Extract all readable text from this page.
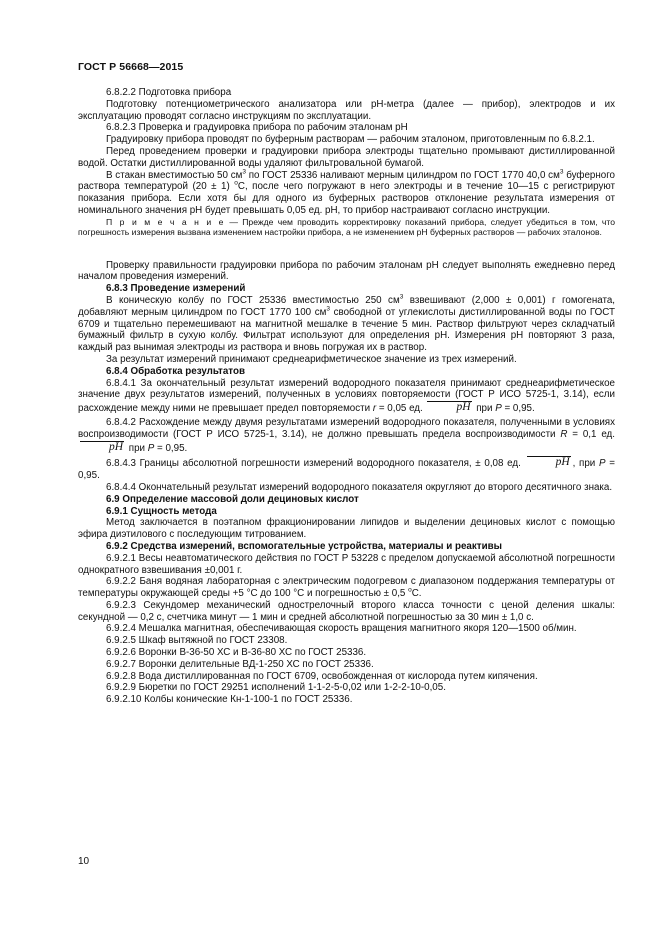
ГОСТ Р 56668—2015

6.8.2.2 Подготовка прибора

Подготовку потенциометрического анализатора или рН-метра (далее — прибор), электродов и их эксплуатацию проводят согласно инструкциям по эксплуатации.

6.8.2.3 Проверка и градуировка прибора по рабочим эталонам рН

Градуировку прибора проводят по буферным растворам — рабочим эталоном, приготовленным по 6.8.2.1.

Перед проведением проверки и градуировки прибора электроды тщательно промывают дистиллированной водой. Остатки дистиллированной воды удаляют фильтровальной бумагой.

В стакан вместимостью 50 $см^3$ по ГОСТ 25336 наливают мерным цилиндром по ГОСТ 1770 40,0 $см^3$ буферного раствора температурой (20 ± 1) $^о$С, после чего погружают в него электроды и в течение 10—15 с регистрируют показания прибора. Если хотя бы для одного из буферных растворов отклонение результата измерения от номинального значения рН будет превышать 0,05 ед. рН, то прибор настраивают согласно инструкции.

П р и м е ч а н и е — Прежде чем проводить корректировку показаний прибора, следует убедиться в том, что погрешность измерения вызвана изменением настройки прибора, а не изменением рН буферных растворов — рабочих эталонов.

Проверку правильности градуировки прибора по рабочим эталонам рН следует выполнять ежедневно перед началом проведения измерений.

6.8.3 Проведение измерений

В коническую колбу по ГОСТ 25336 вместимостью 250 $см^3$ взвешивают (2,000 ± 0,001) г гомогената, добавляют мерным цилиндром по ГОСТ 1770 100 $см^3$ свободной от углекислоты дистиллированной воды по ГОСТ 6709 и тщательно перемешивают на магнитной мешалке в течение 5 мин. Раствор фильтруют через складчатый бумажный фильтр в сухую колбу. Фильтрат используют для определения рН. Измерения рН повторяют 3 раза, каждый раз вынимая электроды из раствора и вновь погружая их в раствор.

За результат измерений принимают среднеарифметическое значение из трех измерений.

6.8.4 Обработка результатов

6.8.4.1 За окончательный результат измерений водородного показателя принимают среднеарифметическое значение двух результатов измерений, полученных в условиях повторяемости (ГОСТ Р ИСО 5725-1, 3.14), если расхождение между ними не превышает предел повторяемости r = 0,05 ед.	pH при P = 0,95.

6.8.4.2 Расхождение между двумя результатами измерений водородного показателя, полученными в условиях воспроизводимости (ГОСТ Р ИСО 5725-1, 3.14), не должно превышать предела воспроизводимости R = 0,1 ед. pH при P = 0,95.

6.8.4.3 Границы абсолютной погрешности измерений водородного показателя, ± 0,08 ед.	pH , при P = 0,95.

6.8.4.4 Окончательный результат измерений водородного показателя округляют до второго десятичного знака.

6.9 Определение массовой доли дециновых кислот

6.9.1 Сущность метода

Метод заключается в поэтапном фракционировании липидов и выделении дециновых кислот с помощью эфира диэтилового с последующим титрованием.

6.9.2 Средства измерений, вспомогательные устройства, материалы и реактивы

6.9.2.1 Весы неавтоматического действия по ГОСТ Р 53228 с пределом допускаемой абсолютной погрешности однократного взвешивания ±0,001 г.

6.9.2.2 Баня водяная лабораторная с электрическим подогревом с диапазоном поддержания температуры от температуры окружающей среды +5 °С до 100 °С и погрешностью ± 0,5 $^о$С.

6.9.2.3 Секундомер механический однострелочный второго класса точности с ценой деления шкалы: секундной — 0,2 с, счетчика минут — 1 мин и средней абсолютной погрешностью за 30 мин ± 1,0 с.

6.9.2.4 Мешалка магнитная, обеспечивающая скорость вращения магнитного якоря 120—1500 об/мин.

6.9.2.5 Шкаф вытяжной по ГОСТ 23308.

6.9.2.6 Воронки В-36-50 ХС и В-36-80 ХС по ГОСТ 25336.

6.9.2.7 Воронки делительные ВД-1-250 ХС по ГОСТ 25336.

6.9.2.8 Вода дистиллированная по ГОСТ 6709, освобожденная от кислорода путем кипячения.

6.9.2.9 Бюретки по ГОСТ 29251 исполнений 1-1-2-5-0,02 или 1-2-2-10-0,05.

6.9.2.10 Колбы конические Кн-1-100-1 по ГОСТ 25336.

10
